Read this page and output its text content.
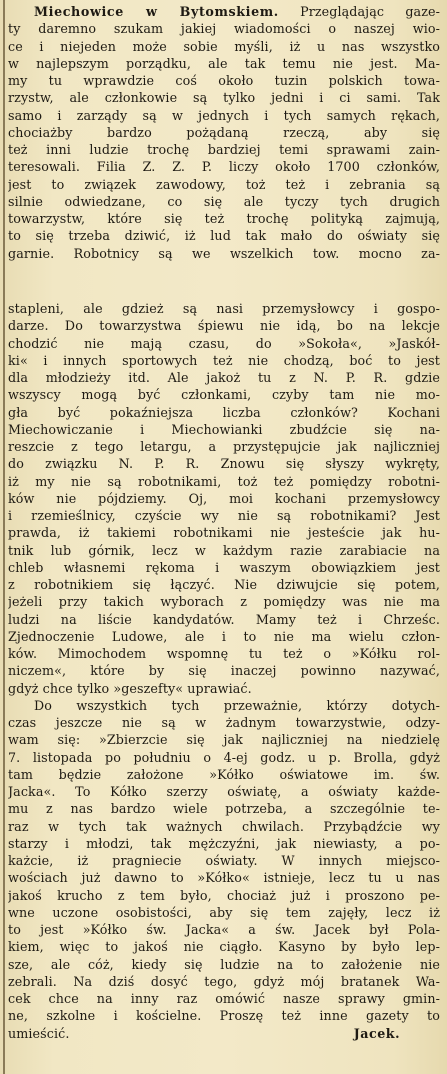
Miechowice w Bytomskiem. Przeglądając gaze-
ty daremno szukam jakiej wiadomości o naszej wio-
ce i niejeden może sobie myśli, iż u nas wszystko
w najlepszym porządku, ale tak temu nie jest. Ma-
my tu wprawdzie coś około tuzin polskich towa-
rzystw, ale członkowie są tylko jedni i ci sami. Tak
samo i zarządy są w jednych i tych samych rękach,
chociażby bardzo pożądaną rzeczą, aby się
też inni ludzie trochę bardziej temi sprawami zain-
teresowali. Filia Z. Z. P. liczy około 1700 członków,
jest to związek zawodowy, toż też i zebrania są
silnie odwiedzane, co się ale tyczy tych drugich
towarzystw, które się też trochę polityką zajmują,
to się trzeba dziwić, iż lud tak mało do oświaty się
garnie. Robotnicy są we wszelkich tow. mocno za-
stapleni, ale gdzież są nasi przemysłowcy i gospo-
darze. Do towarzystwa śpiewu nie idą, bo na lekcje
chodzić nie mają czasu, do »Sokoła«, »Jaskół-
ki« i innych sportowych też nie chodzą, boć to jest
dla młodzieży itd. Ale jakoż tu z N. P. R. gdzie
wszyscy mogą być członkami, czyby tam nie mo-
gła być pokaźniejsza liczba członków? Kochani
Miechowiczanie i Miechowianki zbudźcie się na-
reszcie z tego letargu, a przystępujcie jak najliczniej
do związku N. P. R. Znowu się słyszy wykręty,
iż my nie są robotnikami, toż też pomiędzy robotni-
ków nie pójdziemy. Oj, moi kochani przemysłowcy
i rzemieślnicy, czyście wy nie są robotnikami? Jest
prawda, iż takiemi robotnikami nie jesteście jak hu-
tnik lub górnik, lecz w każdym razie zarabiacie na
chleb własnemi rękoma i waszym obowiązkiem jest
z robotnikiem się łączyć. Nie dziwujcie się potem,
jeżeli przy takich wyborach z pomiędzy was nie ma
ludzi na liście kandydatów. Mamy też i Chrześc.
Zjednoczenie Ludowe, ale i to nie ma wielu człon-
ków. Mimochodem wspomnę tu też o »Kółku rol-
niczem«, które by się inaczej powinno nazywać,
gdyż chce tylko »geszefty« uprawiać.
Do wszystkich tych przeważnie, którzy dotych-
czas jeszcze nie są w żadnym towarzystwie, odzy-
wam się: »Zbierzcie się jak najliczniej na niedzielę
7. listopada po południu o 4-ej godz. u p. Brolla, gdyż
tam będzie założone »Kółko oświatowe im. św.
Jacka«. To Kółko szerzy oświatę, a oświaty każde-
mu z nas bardzo wiele potrzeba, a szczególnie te-
raz w tych tak ważnych chwilach. Przybądźcie wy
starzy i młodzi, tak mężczyźni, jak niewiasty, a po-
każcie, iż pragniecie oświaty. W innych miejsco-
wościach już dawno to »Kółko« istnieje, lecz tu u nas
jakoś krucho z tem było, chociaż już i proszono pe-
wne uczone osobistości, aby się tem zajęły, lecz iż
to jest »Kółko św. Jacka« a św. Jacek był Pola-
kiem, więc to jakoś nie ciągło. Kasyno by było lep-
sze, ale cóż, kiedy się ludzie na to założenie nie
zebrali. Na dziś dosyć tego, gdyż mój bratanek Wa-
cek chce na inny raz omówić nasze sprawy gmin-
ne, szkolne i kościelne. Proszę też inne gazety to
umieścić.	Jacek.
